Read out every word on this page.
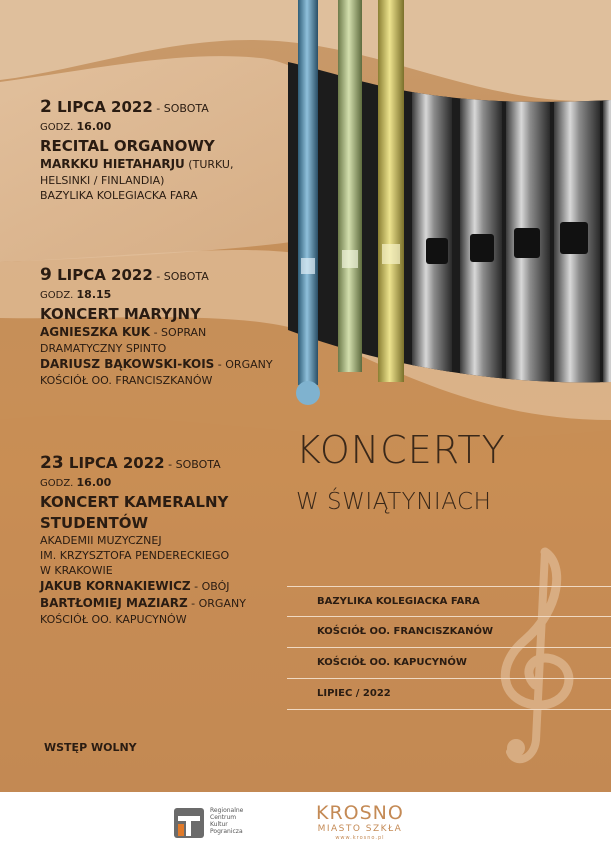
2 LIPCA 2022 - SOBOTA
GODZ. 16.00
RECITAL ORGANOWY
MARKKU HIETAHARJU (TURKU,
HELSINKI / FINLANDIA)
BAZYLIKA KOLEGIACKA FARA
9 LIPCA 2022 - SOBOTA
GODZ. 18.15
KONCERT MARYJNY
AGNIESZKA KUK - SOPRAN
DRAMATYCZNY SPINTO
DARIUSZ BĄKOWSKI-KOIS - ORGANY
KOŚCIÓŁ OO. FRANCISZKANÓW
23 LIPCA 2022 - SOBOTA
GODZ. 16.00
KONCERT KAMERALNY
STUDENTÓW
AKADEMII MUZYCZNEJ
IM. KRZYSZTOFA PENDERECKIEGO
W KRAKOWIE
JAKUB KORNAKIEWICZ - OBÓJ
BARTŁOMIEJ MAZIARZ - ORGANY
KOŚCIÓŁ OO. KAPUCYNÓW
KONCERTY
W ŚWIĄTYNIACH
BAZYLIKA KOLEGIACKA FARA
KOŚCIÓŁ OO. FRANCISZKANÓW
KOŚCIÓŁ OO. KAPUCYNÓW
LIPIEC / 2022
WSTĘP WOLNY
Regionalne
Centrum
Kultur
Pogranicza
KROSNO
MIASTO SZKŁA
www.krosno.pl
